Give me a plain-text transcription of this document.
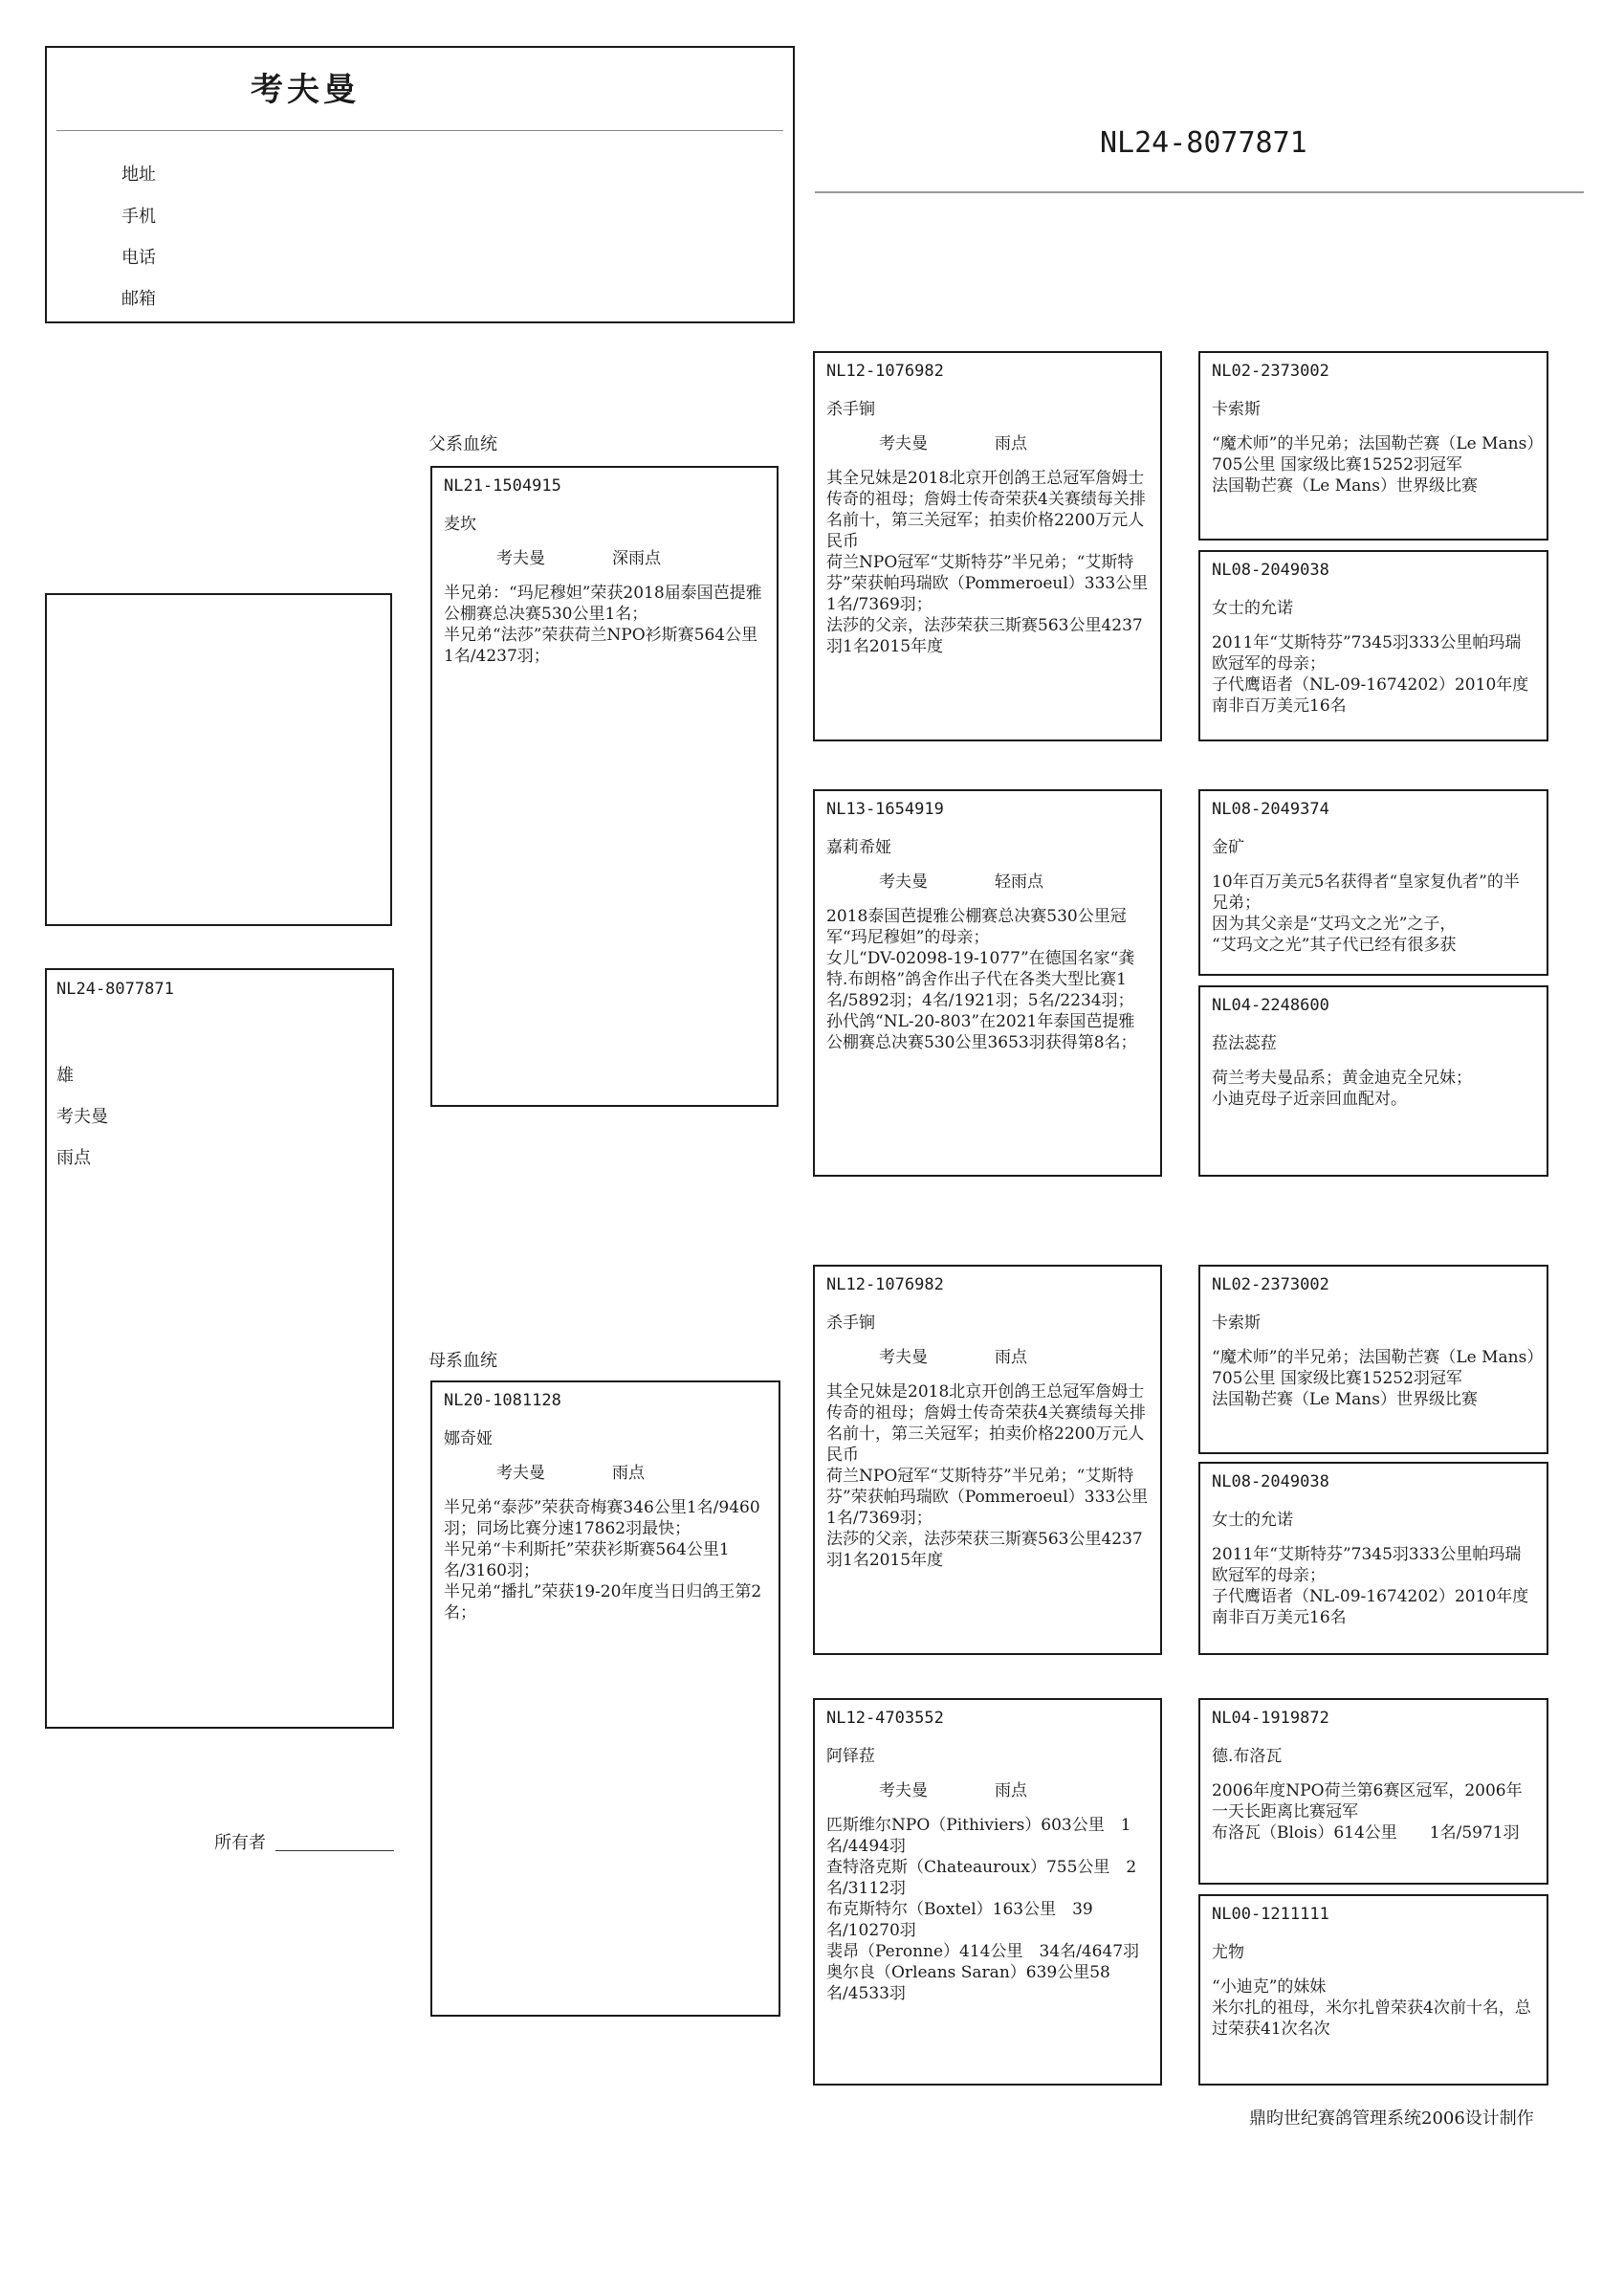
考夫曼
地址
手机
电话
邮箱
NL24-8077871
NL24-8077871
雄
考夫曼
雨点
父系血统
母系血统
NL21-1504915
麦坎
考夫曼	深雨点
半兄弟：“玛尼穆妲”荣获2018届泰国芭提雅公棚赛总决赛530公里1名；
半兄弟“法莎”荣获荷兰NPO衫斯赛564公里1名/4237羽；
NL20-1081128
娜奇娅
考夫曼	雨点
半兄弟“泰莎”荣获奇梅赛346公里1名/9460羽；同场比赛分速17862羽最快；
半兄弟“卡利斯托”荣获衫斯赛564公里1名/3160羽；
半兄弟“播扎”荣获19-20年度当日归鸽王第2名；
NL12-1076982
杀手锏
考夫曼	雨点
其全兄妹是2018北京开创鸽王总冠军詹姆士传奇的祖母；詹姆士传奇荣获4关赛绩每关排名前十，第三关冠军；拍卖价格2200万元人民币
荷兰NPO冠军“艾斯特芬”半兄弟；“艾斯特芬”荣获帕玛瑞欧（Pommeroeul）333公里　1名/7369羽；
法莎的父亲，法莎荣获三斯赛563公里4237羽1名2015年度
NL13-1654919
嘉莉希娅
考夫曼	轻雨点
2018泰国芭提雅公棚赛总决赛530公里冠军“玛尼穆妲”的母亲；
女儿“DV-02098-19-1077”在德国名家“龚特.布朗格”鸽舍作出子代在各类大型比赛1名/5892羽；4名/1921羽；5名/2234羽；
孙代鸽“NL-20-803”在2021年泰国芭提雅公棚赛总决赛530公里3653羽获得第8名；
NL12-1076982
杀手锏
考夫曼	雨点
其全兄妹是2018北京开创鸽王总冠军詹姆士传奇的祖母；詹姆士传奇荣获4关赛绩每关排名前十，第三关冠军；拍卖价格2200万元人民币
荷兰NPO冠军“艾斯特芬”半兄弟；“艾斯特芬”荣获帕玛瑞欧（Pommeroeul）333公里　1名/7369羽；
法莎的父亲，法莎荣获三斯赛563公里4237羽1名2015年度
NL12-4703552
阿铎菈
考夫曼	雨点
匹斯维尔NPO（Pithiviers）603公里　1名/4494羽
查特洛克斯（Chateauroux）755公里　2名/3112羽
布克斯特尔（Boxtel）163公里　39名/10270羽
裴昂（Peronne）414公里　34名/4647羽
奥尔良（Orleans Saran）639公里58名/4533羽
NL02-2373002
卡索斯
“魔术师”的半兄弟；法国勒芒赛（Le Mans）705公里 国家级比赛15252羽冠军
法国勒芒赛（Le Mans）世界级比赛
NL08-2049038
女士的允诺
2011年“艾斯特芬”7345羽333公里帕玛瑞欧冠军的母亲；
子代鹰语者（NL-09-1674202）2010年度南非百万美元16名
NL08-2049374
金矿
10年百万美元5名获得者“皇家复仇者”的半兄弟；
因为其父亲是“艾玛文之光”之子，
“艾玛文之光”其子代已经有很多获
NL04-2248600
菈法蕊菈
荷兰考夫曼品系；黄金迪克全兄妹；
小迪克母子近亲回血配对。
NL02-2373002
卡索斯
“魔术师”的半兄弟；法国勒芒赛（Le Mans）705公里 国家级比赛15252羽冠军
法国勒芒赛（Le Mans）世界级比赛
NL08-2049038
女士的允诺
2011年“艾斯特芬”7345羽333公里帕玛瑞欧冠军的母亲；
子代鹰语者（NL-09-1674202）2010年度南非百万美元16名
NL04-1919872
德.布洛瓦
2006年度NPO荷兰第6赛区冠军，2006年一天长距离比赛冠军
布洛瓦（Blois）614公里　　1名/5971羽
NL00-1211111
尤物
“小迪克”的妹妹
米尔扎的祖母，米尔扎曾荣获4次前十名，总过荣获41次名次
所有者
鼎昀世纪赛鸽管理系统2006设计制作
